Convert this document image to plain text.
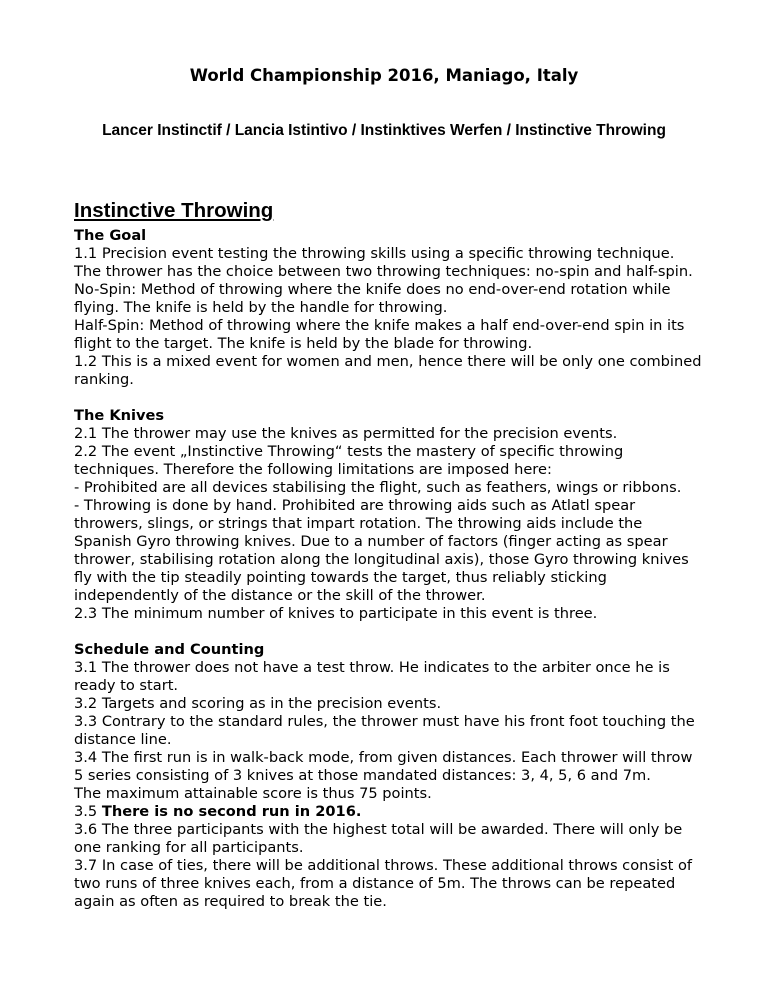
World Championship 2016, Maniago, Italy
Lancer Instinctif / Lancia Istintivo / Instinktives Werfen / Instinctive Throwing
Instinctive Throwing
The Goal

1.1 Precision event testing the throwing skills using a specific throwing technique. The thrower has the choice between two throwing techniques: no-spin and half-spin.

No-Spin: Method of throwing where the knife does no end-over-end rotation while flying. The knife is held by the handle for throwing.

Half-Spin: Method of throwing where the knife makes a half end-over-end spin in its flight to the target. The knife is held by the blade for throwing.

1.2 This is a mixed event for women and men, hence there will be only one combined ranking.

The Knives

2.1 The thrower may use the knives as permitted for the precision events.

2.2 The event „Instinctive Throwing“ tests the mastery of specific throwing techniques. Therefore the following limitations are imposed here:

- Prohibited are all devices stabilising the flight, such as feathers, wings or ribbons.

- Throwing is done by hand. Prohibited are throwing aids such as Atlatl spear throwers, slings, or strings that impart rotation. The throwing aids include the Spanish Gyro throwing knives. Due to a number of factors (finger acting as spear thrower, stabilising rotation along the longitudinal axis), those Gyro throwing knives fly with the tip steadily pointing towards the target, thus reliably sticking independently of the distance or the skill of the thrower.

2.3 The minimum number of knives to participate in this event is three.

Schedule and Counting

3.1 The thrower does not have a test throw. He indicates to the arbiter once he is ready to start.

3.2 Targets and scoring as in the precision events.

3.3 Contrary to the standard rules, the thrower must have his front foot touching the distance line.

3.4 The first run is in walk-back mode, from given distances. Each thrower will throw 5 series consisting of 3 knives at those mandated distances: 3, 4, 5, 6 and 7m.

The maximum attainable score is thus 75 points.

3.5 There is no second run in 2016.

3.6 The three participants with the highest total will be awarded. There will only be one ranking for all participants.

3.7 In case of ties, there will be additional throws. These additional throws consist of two runs of three knives each, from a distance of 5m. The throws can be repeated again as often as required to break the tie.
